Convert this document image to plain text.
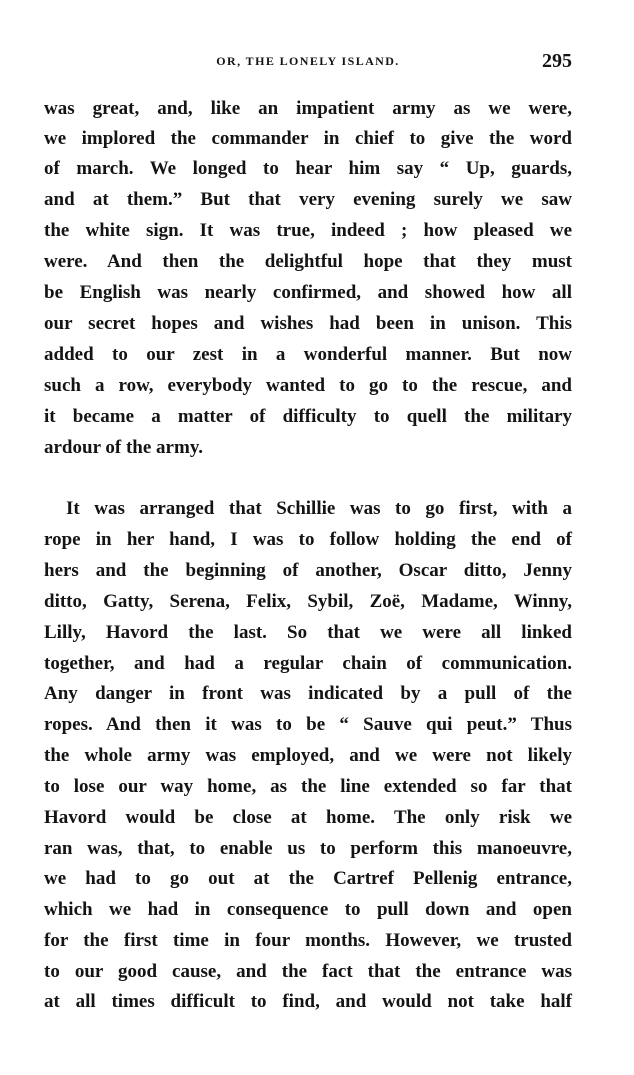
OR, THE LONELY ISLAND.	295
was great, and, like an impatient army as we were,
we implored the commander in chief to give the word
of march. We longed to hear him say “ Up, guards,
and at them.” But that very evening surely we saw
the white sign. It was true, indeed ; how pleased we
were. And then the delightful hope that they must
be English was nearly confirmed, and showed how all
our secret hopes and wishes had been in unison. This
added to our zest in a wonderful manner. But now
such a row, everybody wanted to go to the rescue, and
it became a matter of difficulty to quell the military
ardour of the army.
It was arranged that Schillie was to go first, with a
rope in her hand, I was to follow holding the end of
hers and the beginning of another, Oscar ditto, Jenny
ditto, Gatty, Serena, Felix, Sybil, Zoë, Madame, Winny,
Lilly, Havord the last. So that we were all linked
together, and had a regular chain of communication.
Any danger in front was indicated by a pull of the
ropes. And then it was to be “ Sauve qui peut.” Thus
the whole army was employed, and we were not likely
to lose our way home, as the line extended so far that
Havord would be close at home. The only risk we
ran was, that, to enable us to perform this manoeuvre,
we had to go out at the Cartref Pellenig entrance,
which we had in consequence to pull down and open
for the first time in four months. However, we trusted
to our good cause, and the fact that the entrance was
at all times difficult to find, and would not take half
